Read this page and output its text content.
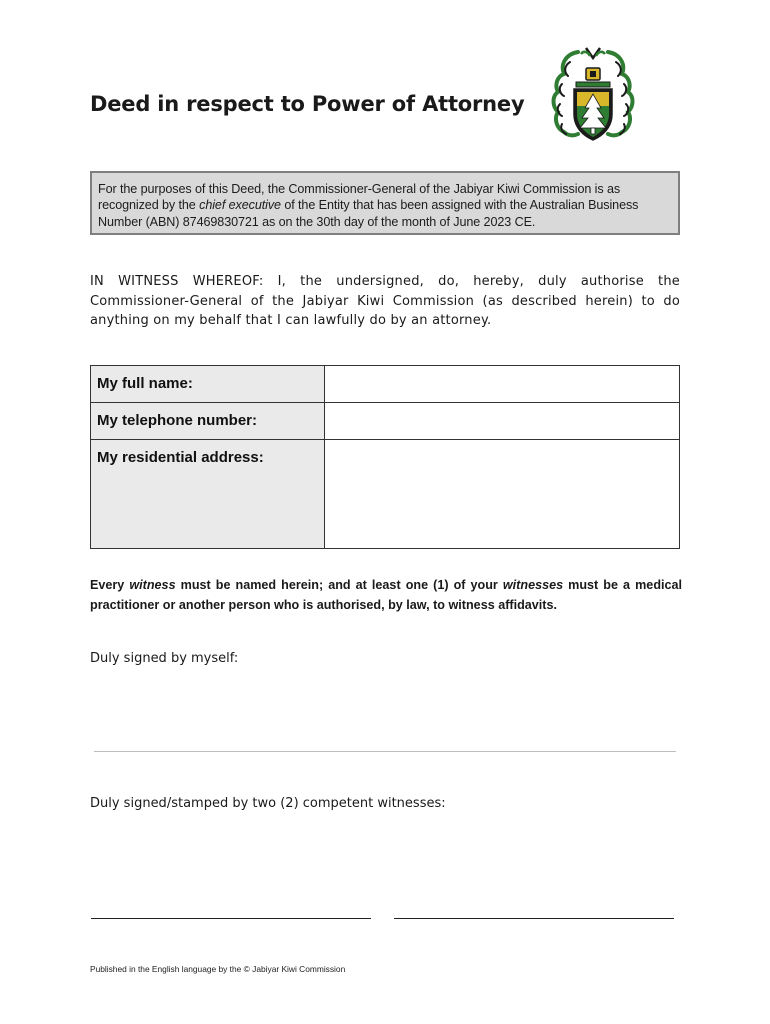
Deed in respect to Power of Attorney
For the purposes of this Deed, the Commissioner-General of the Jabiyar Kiwi Commission is as recognized by the chief executive of the Entity that has been assigned with the Australian Business Number (ABN) 87469830721 as on the 30th day of the month of June 2023 CE.
IN WITNESS WHEREOF: I, the undersigned, do, hereby, duly authorise the Commissioner-General of the Jabiyar Kiwi Commission (as described herein) to do anything on my behalf that I can lawfully do by an attorney.
My full name:	
My telephone number:	
My residential address:	
Every witness must be named herein; and at least one (1) of your witnesses must be a medical practitioner or another person who is authorised, by law, to witness affidavits.
Duly signed by myself:
Duly signed/stamped by two (2) competent witnesses:
Published in the English language by the © Jabiyar Kiwi Commission
